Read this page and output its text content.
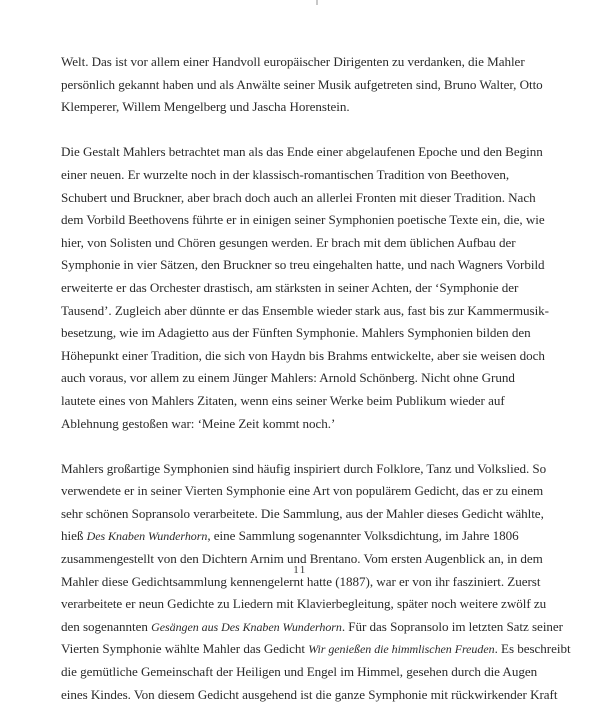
Welt. Das ist vor allem einer Handvoll europäischer Dirigenten zu verdanken, die Mahler
persönlich gekannt haben und als Anwälte seiner Musik aufgetreten sind, Bruno Walter, Otto
Klemperer, Willem Mengelberg und Jascha Horenstein.

Die Gestalt Mahlers betrachtet man als das Ende einer abgelaufenen Epoche und den Beginn
einer neuen. Er wurzelte noch in der klassisch-romantischen Tradition von Beethoven,
Schubert und Bruckner, aber brach doch auch an allerlei Fronten mit dieser Tradition. Nach
dem Vorbild Beethovens führte er in einigen seiner Symphonien poetische Texte ein, die, wie
hier, von Solisten und Chören gesungen werden. Er brach mit dem üblichen Aufbau der
Symphonie in vier Sätzen, den Bruckner so treu eingehalten hatte, und nach Wagners Vorbild
erweiterte er das Orchester drastisch, am stärksten in seiner Achten, der ‘Symphonie der
Tausend’. Zugleich aber dünnte er das Ensemble wieder stark aus, fast bis zur Kammermusik-
besetzung, wie im Adagietto aus der Fünften Symphonie. Mahlers Symphonien bilden den
Höhepunkt einer Tradition, die sich von Haydn bis Brahms entwickelte, aber sie weisen doch
auch voraus, vor allem zu einem Jünger Mahlers: Arnold Schönberg. Nicht ohne Grund
lautete eines von Mahlers Zitaten, wenn eins seiner Werke beim Publikum wieder auf
Ablehnung gestoßen war: ‘Meine Zeit kommt noch.’

Mahlers großartige Symphonien sind häufig inspiriert durch Folklore, Tanz und Volkslied. So
verwendete er in seiner Vierten Symphonie eine Art von populärem Gedicht, das er zu einem
sehr schönen Sopransolo verarbeitete. Die Sammlung, aus der Mahler dieses Gedicht wählte,
hieß Des Knaben Wunderhorn, eine Sammlung sogenannter Volksdichtung, im Jahre 1806
zusammengestellt von den Dichtern Arnim und Brentano. Vom ersten Augenblick an, in dem
Mahler diese Gedichtsammlung kennengelernt hatte (1887), war er von ihr fasziniert. Zuerst
verarbeitete er neun Gedichte zu Liedern mit Klavierbegleitung, später noch weitere zwölf zu
den sogenannten Gesängen aus Des Knaben Wunderhorn. Für das Sopransolo im letzten Satz seiner
Vierten Symphonie wählte Mahler das Gedicht Wir genießen die himmlischen Freuden. Es beschreibt
die gemütliche Gemeinschaft der Heiligen und Engel im Himmel, gesehen durch die Augen
eines Kindes. Von diesem Gedicht ausgehend ist die ganze Symphonie mit rückwirkender Kraft

11
